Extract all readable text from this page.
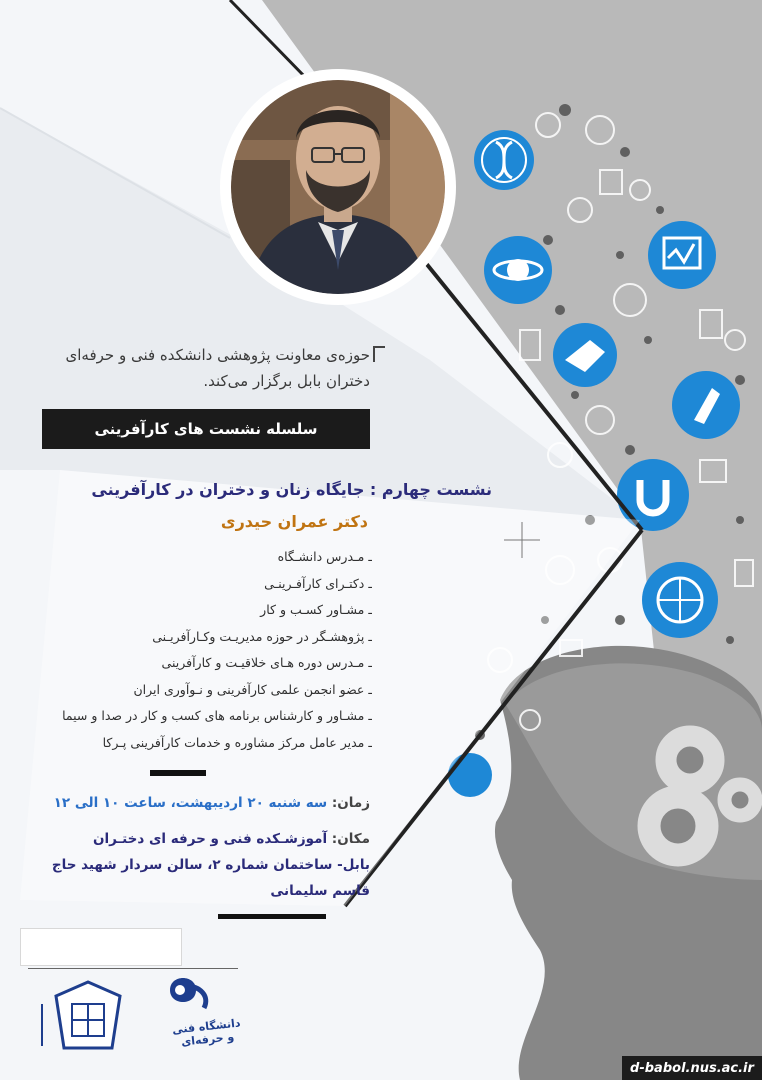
حوزه‌ی معاونت پژوهشی دانشکده فنی و حرفه‌ای دختران بابل برگزار می‌کند.
سلسله نشست های کارآفرینی
نشست چهارم : جایگاه زنان و دختران در کارآفرینی
دکتر عمران حیدری
ـ مـدرس دانشـگاه
ـ دکتـرای کارآفـرینـی
ـ مشـاور کسـب و کار
ـ پژوهشـگر در حوزه مدیریـت وکـارآفریـنی
ـ مـدرس دوره هـای خلاقیـت و کارآفرینی
ـ عضو انجمن علمی کارآفرینی و نـوآوری ایران
ـ مشـاور و کارشناس برنامه های کسب و کار در صدا و سیما
ـ مدیر عامل مرکز مشاوره و خدمات کارآفرینی پـرکا
زمان: سه شنبه ۲۰ اردیبهشت، ساعت ۱۰ الی ۱۲
مکان: آموزشـکده فنی و حرفه ای دختـران
بابل- ساختمان شماره ۲، سالن سردار شهید حاج
قاسم سلیمانی
دانشگاه فنی و حرفه‌ای
d-babol.nus.ac.ir
